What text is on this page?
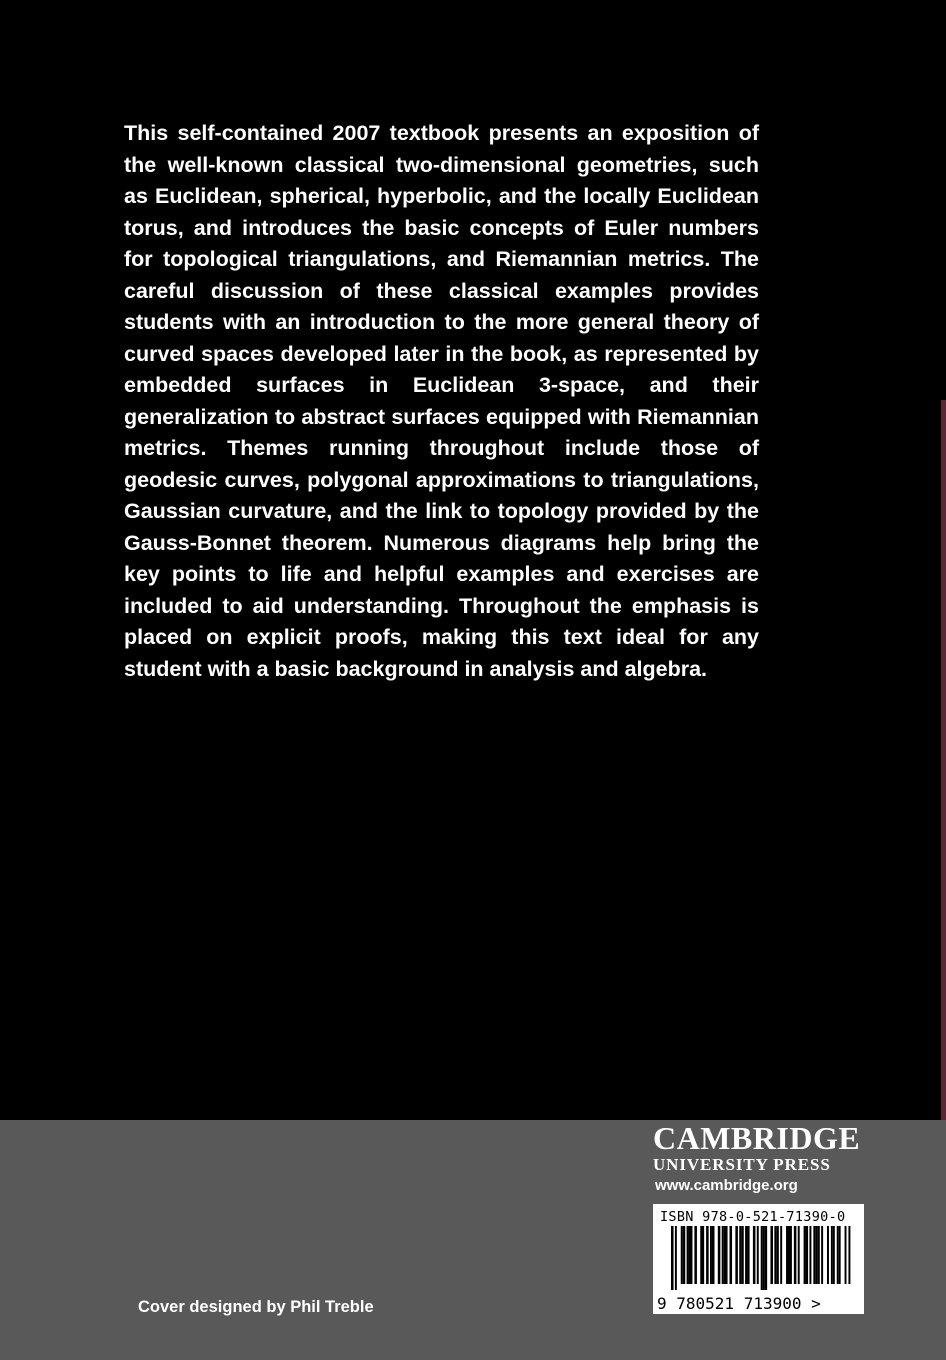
This self-contained 2007 textbook presents an exposition of the well-known classical two-dimensional geometries, such as Euclidean, spherical, hyperbolic, and the locally Euclidean torus, and introduces the basic concepts of Euler numbers for topological triangulations, and Riemannian metrics. The careful discussion of these classical examples provides students with an introduction to the more general theory of curved spaces developed later in the book, as represented by embedded surfaces in Euclidean 3-space, and their generalization to abstract surfaces equipped with Riemannian metrics. Themes running throughout include those of geodesic curves, polygonal approximations to triangulations, Gaussian curvature, and the link to topology provided by the Gauss-Bonnet theorem. Numerous diagrams help bring the key points to life and helpful examples and exercises are included to aid understanding. Throughout the emphasis is placed on explicit proofs, making this text ideal for any student with a basic background in analysis and algebra.

Cover designed by Phil Treble
CAMBRIDGE
UNIVERSITY PRESS
www.cambridge.org
ISBN 978-0-521-71390-0
9 780521 713900 >
